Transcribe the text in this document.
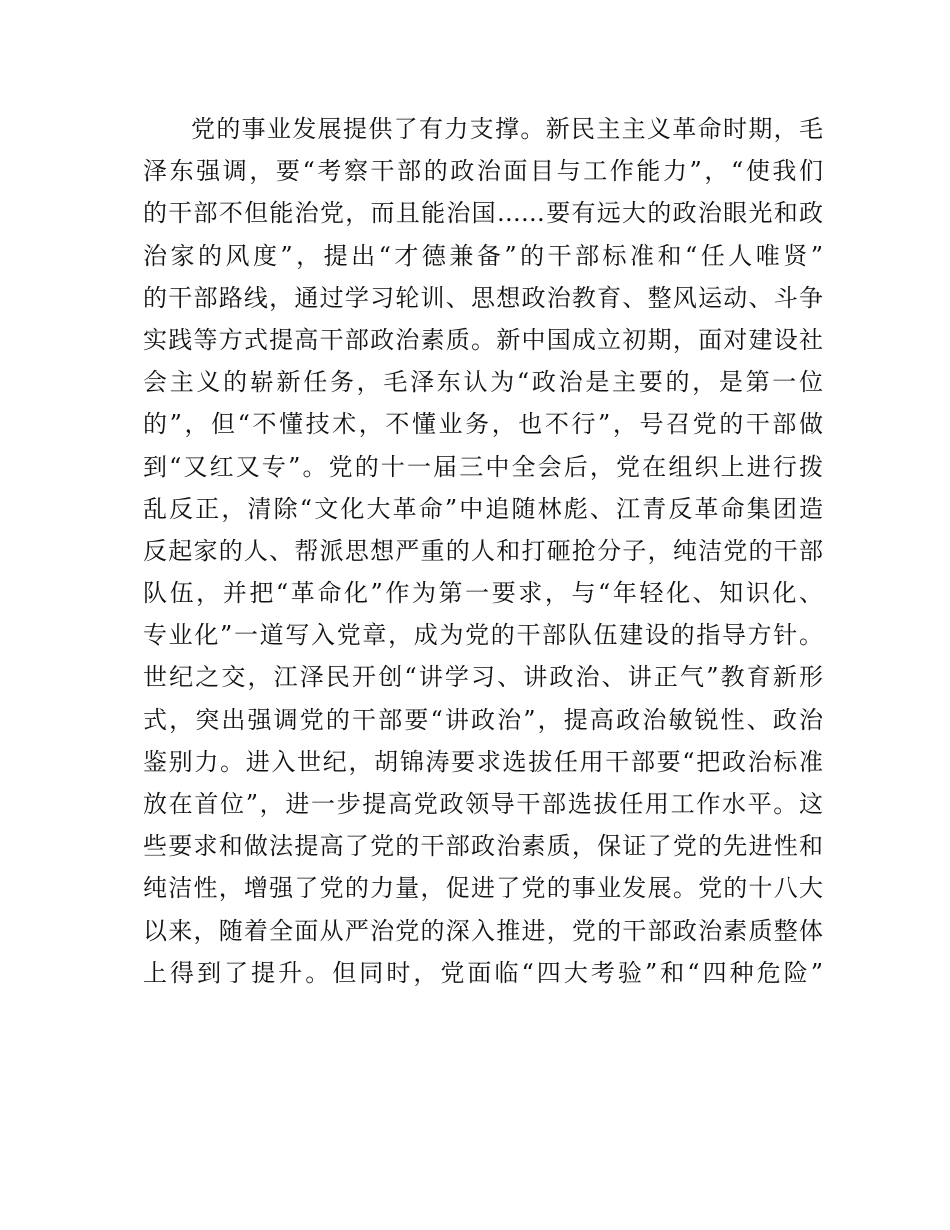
党的事业发展提供了有力支撑。新民主主义革命时期，毛
泽东强调，要“考察干部的政治面目与工作能力”，“使我们
的干部不但能治党，而且能治国……要有远大的政治眼光和政
治家的风度”，提出“才德兼备”的干部标准和“任人唯贤”
的干部路线，通过学习轮训、思想政治教育、整风运动、斗争
实践等方式提高干部政治素质。新中国成立初期，面对建设社
会主义的崭新任务，毛泽东认为“政治是主要的，是第一位
的”，但“不懂技术，不懂业务，也不行”，号召党的干部做
到“又红又专”。党的十一届三中全会后，党在组织上进行拨
乱反正，清除“文化大革命”中追随林彪、江青反革命集团造
反起家的人、帮派思想严重的人和打砸抢分子，纯洁党的干部
队伍，并把“革命化”作为第一要求，与“年轻化、知识化、
专业化”一道写入党章，成为党的干部队伍建设的指导方针。
世纪之交，江泽民开创“讲学习、讲政治、讲正气”教育新形
式，突出强调党的干部要“讲政治”，提高政治敏锐性、政治
鉴别力。进入世纪，胡锦涛要求选拔任用干部要“把政治标准
放在首位”，进一步提高党政领导干部选拔任用工作水平。这
些要求和做法提高了党的干部政治素质，保证了党的先进性和
纯洁性，增强了党的力量，促进了党的事业发展。党的十八大
以来，随着全面从严治党的深入推进，党的干部政治素质整体
上得到了提升。但同时，党面临“四大考验”和“四种危险”
